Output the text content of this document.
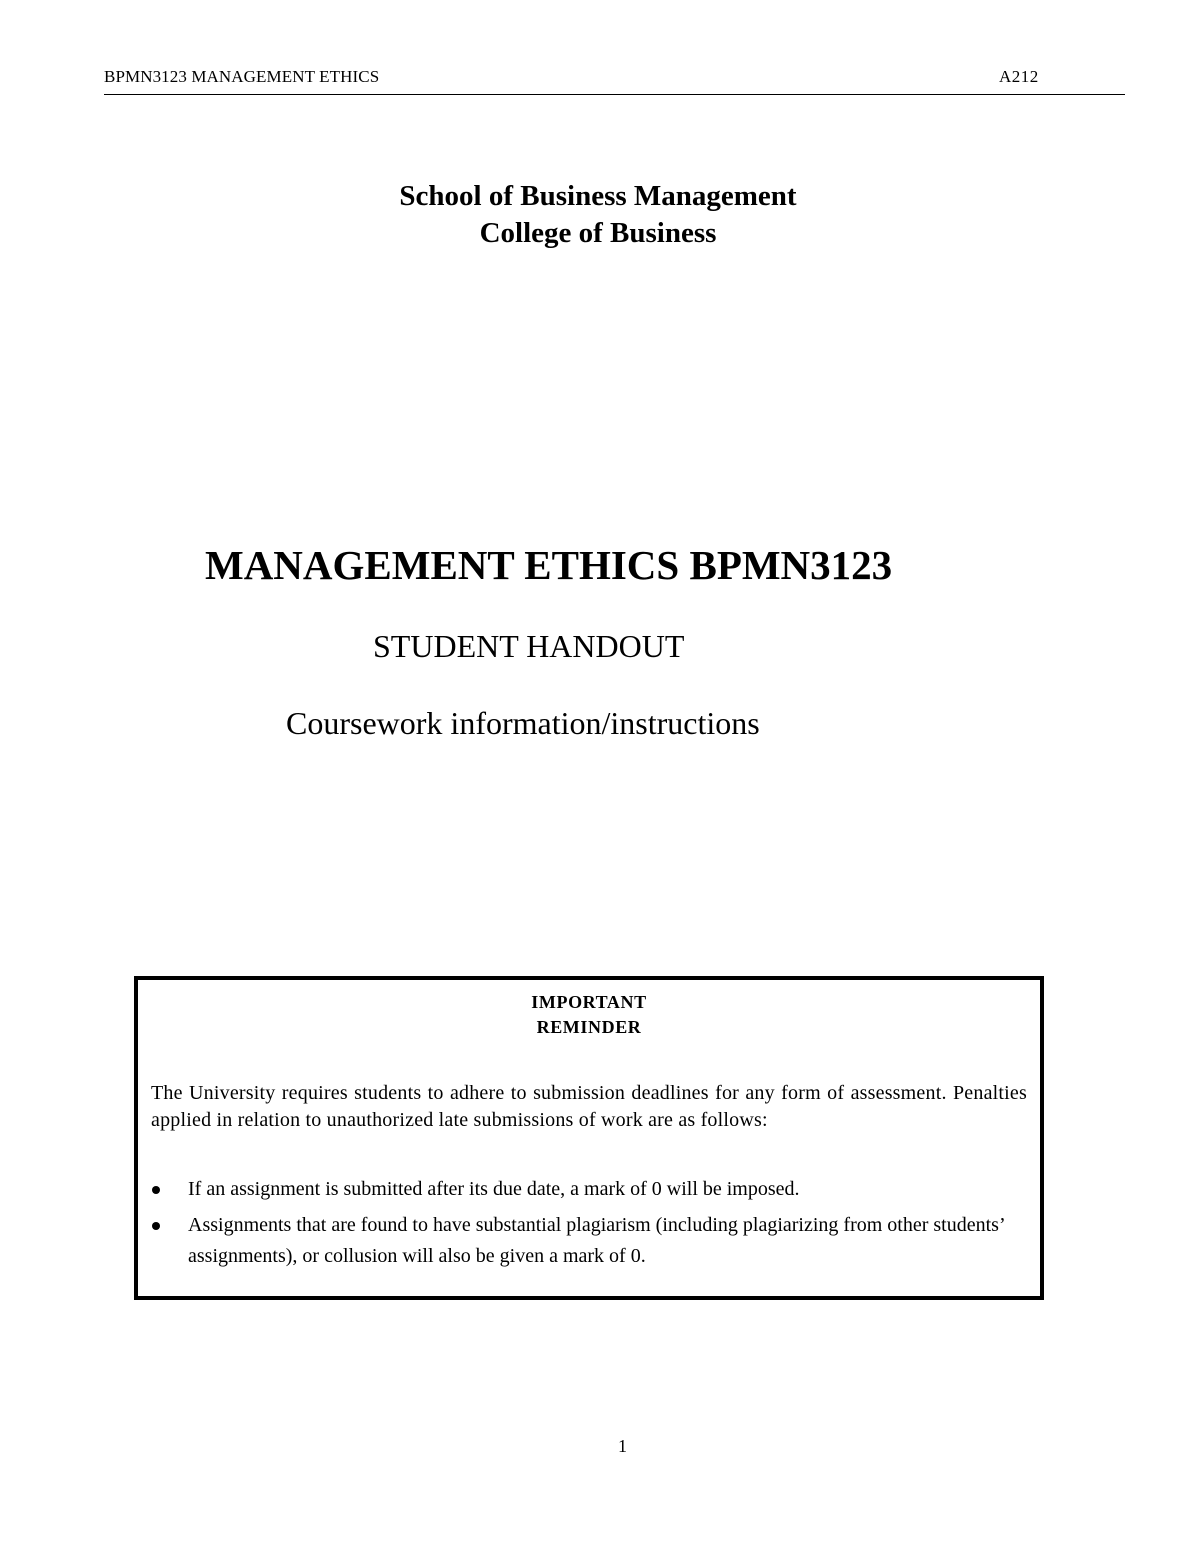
BPMN3123 MANAGEMENT ETHICS	A212
School of Business Management
College of Business
MANAGEMENT ETHICS BPMN3123
STUDENT HANDOUT
Coursework information/instructions
IMPORTANT
REMINDER
The University requires students to adhere to submission deadlines for any form of assessment. Penalties applied in relation to unauthorized late submissions of work are as follows:
If an assignment is submitted after its due date, a mark of 0 will be imposed.
Assignments that are found to have substantial plagiarism (including plagiarizing from other students’ assignments), or collusion will also be given a mark of 0.
1
